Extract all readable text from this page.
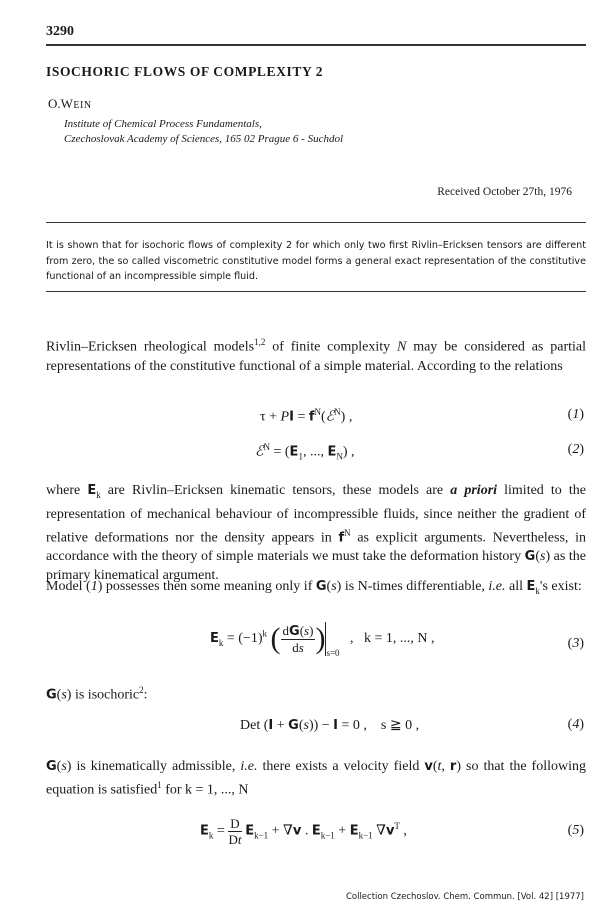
3290
ISOCHORIC FLOWS OF COMPLEXITY 2
O.WEIN
Institute of Chemical Process Fundamentals,
Czechoslovak Academy of Sciences, 165 02 Prague 6 - Suchdol
Received October 27th, 1976
It is shown that for isochoric flows of complexity 2 for which only two first Rivlin–Ericksen tensors are different from zero, the so called viscometric constitutive model forms a general exact representation of the constitutive functional of an incompressible simple fluid.
Rivlin–Ericksen rheological models$^{1,2}$ of finite complexity N may be considered as partial representations of the constitutive functional of a simple material. According to the relations
τ + PI = $f^N(ℰ^N)$ ,	(1)
ℰ$^N$ = ($E_1$, ..., $E_N$) ,	(2)
where $E_k$ are Rivlin–Ericksen kinematic tensors, these models are a priori limited to the representation of mechanical behaviour of incompressible fluids, since neither the gradient of relative deformations nor the density appears in $f^N$ as explicit arguments. Nevertheless, in accordance with the theory of simple materials we must take the deformation history G(s) as the primary kinematical argument.
Model (1) possesses then some meaning only if G(s) is N-times differentiable, i.e. all $E_k's$ exist:
$E_k = (-1)^k$ ( $\frac{dG(s)}{ds} )_{s=0}$   ,   k = 1, ..., N ,	(3)
G(s) is isochoric$^2$:
Det (I + G(s)) − I = 0 ,    s ≧ 0 ,	(4)
G(s) is kinematically admissible, i.e. there exists a velocity field v(t, r) so that the following equation is satisfied$^1$ for k = 1, ..., N
$E_k = \frac{D}{Dt} E_{k-1} + \nabla v$ . $E_{k-1} + E_{k-1}$ $\nabla v^T$ ,	(5)
Collection Czechoslov. Chem. Commun. [Vol. 42] [1977]
